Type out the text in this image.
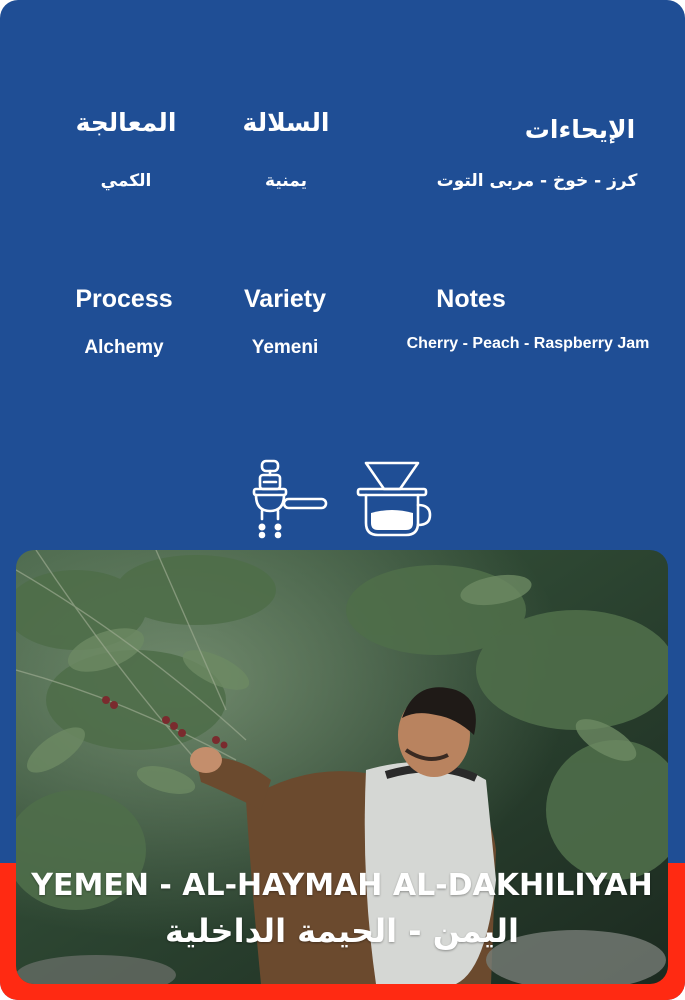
المعالجة
الكمي
السلالة
يمنية
الإيحاءات
كرز - خوخ - مربى التوت
Process
Alchemy
Variety
Yemeni
Notes
Cherry - Peach - Raspberry Jam
YEMEN - AL-HAYMAH AL-DAKHILIYAH
اليمن - الحيمة الداخلية
